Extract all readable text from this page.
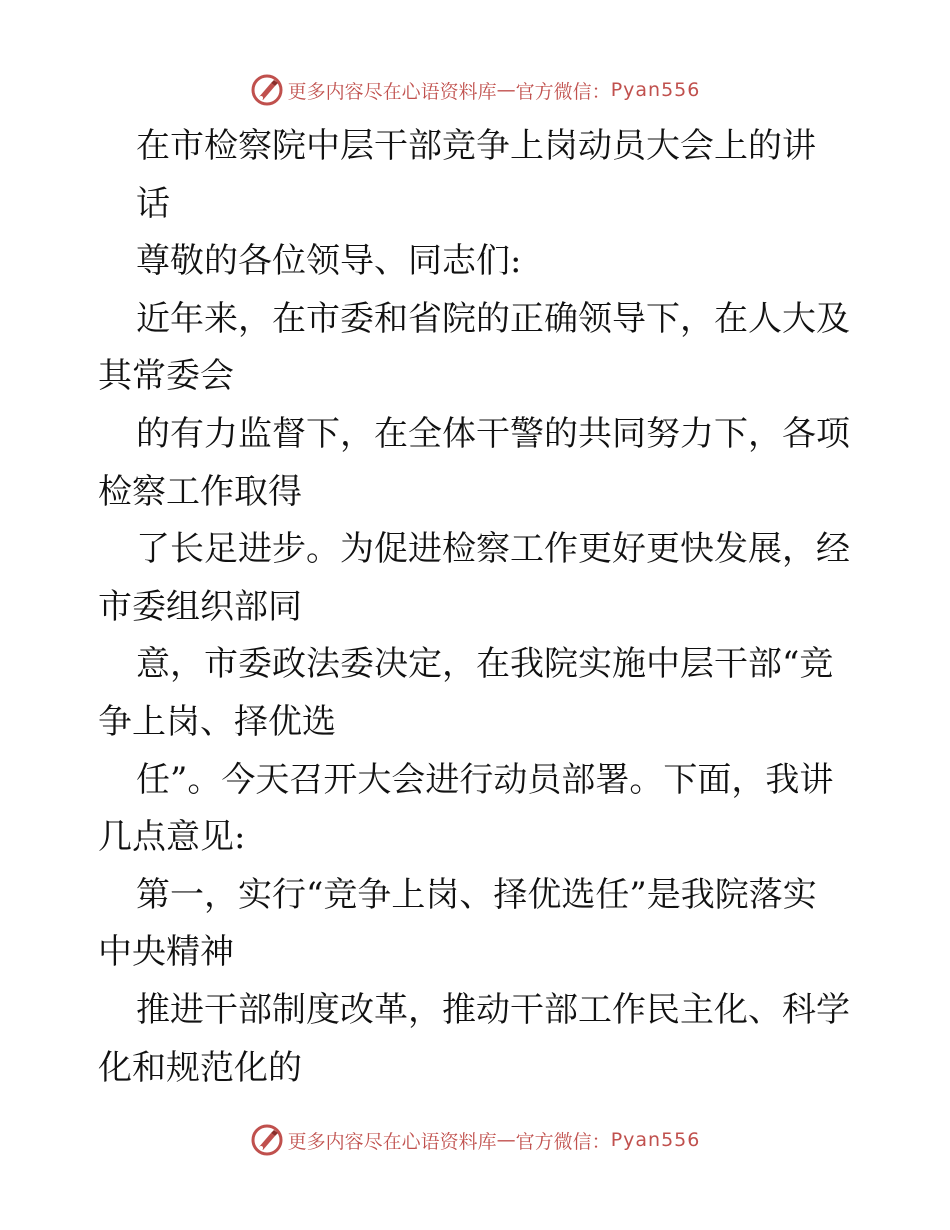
更多内容尽在心语资料库 — 官方微信： Pyan556
在市检察院中层干部竞争上岗动员大会上的讲
话
尊敬的各位领导、同志们:
近年来，在市委和省院的正确领导下，在人大及
其常委会
的有力监督下，在全体干警的共同努力下，各项
检察工作取得
了长足进步。为促进检察工作更好更快发展，经
市委组织部同
意，市委政法委决定，在我院实施中层干部“竞
争上岗、择优选
任”。今天召开大会进行动员部署。下面，我讲
几点意见:
第一，实行“竞争上岗、择优选任”是我院落实
中央精神
推进干部制度改革，推动干部工作民主化、科学
化和规范化的
更多内容尽在心语资料库 — 官方微信： Pyan556
